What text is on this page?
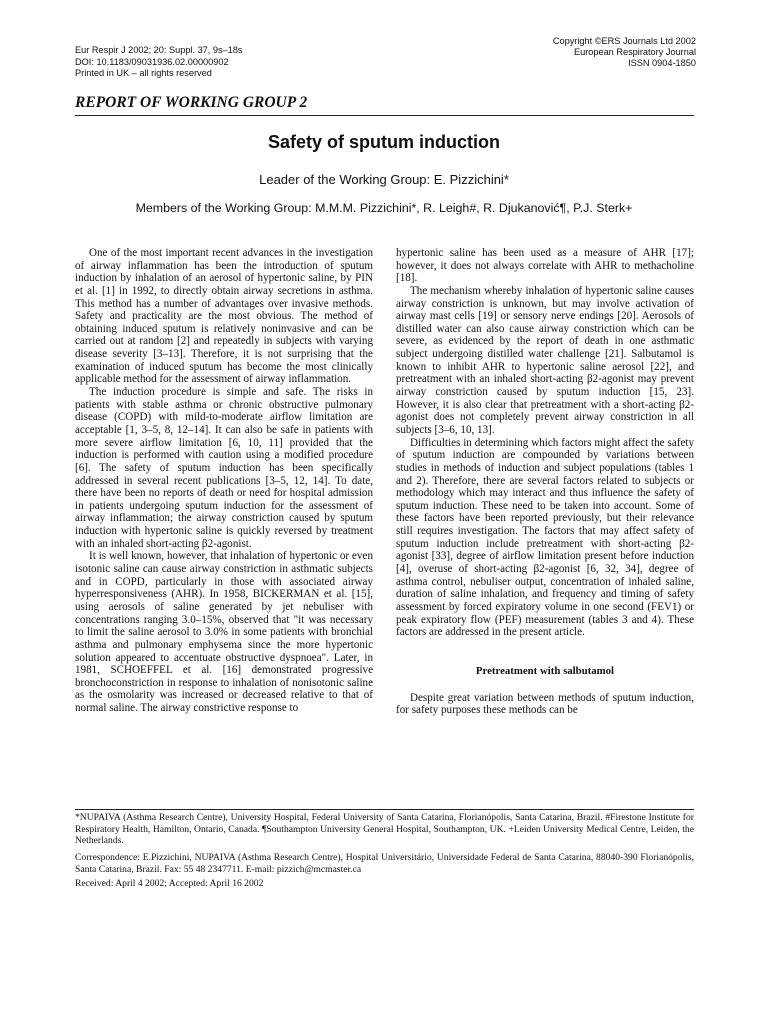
Eur Respir J 2002; 20: Suppl. 37, 9s–18s
DOI: 10.1183/09031936.02.00000902
Printed in UK – all rights reserved
Copyright ©ERS Journals Ltd 2002
European Respiratory Journal
ISSN 0904-1850
REPORT OF WORKING GROUP 2
Safety of sputum induction
Leader of the Working Group: E. Pizzichini*
Members of the Working Group: M.M.M. Pizzichini*, R. Leigh#, R. Djukanović¶, P.J. Sterk+

One of the most important recent advances in the investigation of airway inflammation has been the introduction of sputum induction by inhalation of an aerosol of hypertonic saline, by PIN et al. [1] in 1992, to directly obtain airway secretions in asthma. This method has a number of advantages over invasive methods. Safety and practicality are the most obvious. The method of obtaining induced sputum is relatively noninvasive and can be carried out at random [2] and repeatedly in subjects with varying disease severity [3–13]. Therefore, it is not surprising that the examination of induced sputum has become the most clinically applicable method for the assessment of airway inflammation.

The induction procedure is simple and safe. The risks in patients with stable asthma or chronic obstructive pulmonary disease (COPD) with mild-to-moderate airflow limitation are acceptable [1, 3–5, 8, 12–14]. It can also be safe in patients with more severe airflow limitation [6, 10, 11] provided that the induction is performed with caution using a modified procedure [6]. The safety of sputum induction has been specifically addressed in several recent publications [3–5, 12, 14]. To date, there have been no reports of death or need for hospital admission in patients undergoing sputum induction for the assessment of airway inflammation; the airway constriction caused by sputum induction with hypertonic saline is quickly reversed by treatment with an inhaled short-acting β2-agonist.

It is well known, however, that inhalation of hypertonic or even isotonic saline can cause airway constriction in asthmatic subjects and in COPD, particularly in those with associated airway hyperresponsiveness (AHR). In 1958, BICKERMAN et al. [15], using aerosols of saline generated by jet nebuliser with concentrations ranging 3.0–15%, observed that "it was necessary to limit the saline aerosol to 3.0% in some patients with bronchial asthma and pulmonary emphysema since the more hypertonic solution appeared to accentuate obstructive dyspnoea". Later, in 1981, SCHOEFFEL et al. [16] demonstrated progressive bronchoconstriction in response to inhalation of nonisotonic saline as the osmolarity was increased or decreased relative to that of normal saline. The airway constrictive response to

hypertonic saline has been used as a measure of AHR [17]; however, it does not always correlate with AHR to methacholine [18].

The mechanism whereby inhalation of hypertonic saline causes airway constriction is unknown, but may involve activation of airway mast cells [19] or sensory nerve endings [20]. Aerosols of distilled water can also cause airway constriction which can be severe, as evidenced by the report of death in one asthmatic subject undergoing distilled water challenge [21]. Salbutamol is known to inhibit AHR to hypertonic saline aerosol [22], and pretreatment with an inhaled short-acting β2-agonist may prevent airway constriction caused by sputum induction [15, 23]. However, it is also clear that pretreatment with a short-acting β2-agonist does not completely prevent airway constriction in all subjects [3–6, 10, 13].

Difficulties in determining which factors might affect the safety of sputum induction are compounded by variations between studies in methods of induction and subject populations (tables 1 and 2). Therefore, there are several factors related to subjects or methodology which may interact and thus influence the safety of sputum induction. These need to be taken into account. Some of these factors have been reported previously, but their relevance still requires investigation. The factors that may affect safety of sputum induction include pretreatment with short-acting β2-agonist [33], degree of airflow limitation present before induction [4], overuse of short-acting β2-agonist [6, 32, 34], degree of asthma control, nebuliser output, concentration of inhaled saline, duration of saline inhalation, and frequency and timing of safety assessment by forced expiratory volume in one second (FEV1) or peak expiratory flow (PEF) measurement (tables 3 and 4). These factors are addressed in the present article.

Pretreatment with salbutamol

Despite great variation between methods of sputum induction, for safety purposes these methods can be

*NUPAIVA (Asthma Research Centre), University Hospital, Federal University of Santa Catarina, Florianópolis, Santa Catarina, Brazil. #Firestone Institute for Respiratory Health, Hamilton, Ontario, Canada. ¶Southampton University General Hospital, Southampton, UK. +Leiden University Medical Centre, Leiden, the Netherlands.

Correspondence: E.Pizzichini, NUPAIVA (Asthma Research Centre), Hospital Universitário, Universidade Federal de Santa Catarina, 88040-390 Florianópolis, Santa Catarina, Brazil. Fax: 55 48 2347711. E-mail: pizzich@mcmaster.ca

Received: April 4 2002; Accepted: April 16 2002
